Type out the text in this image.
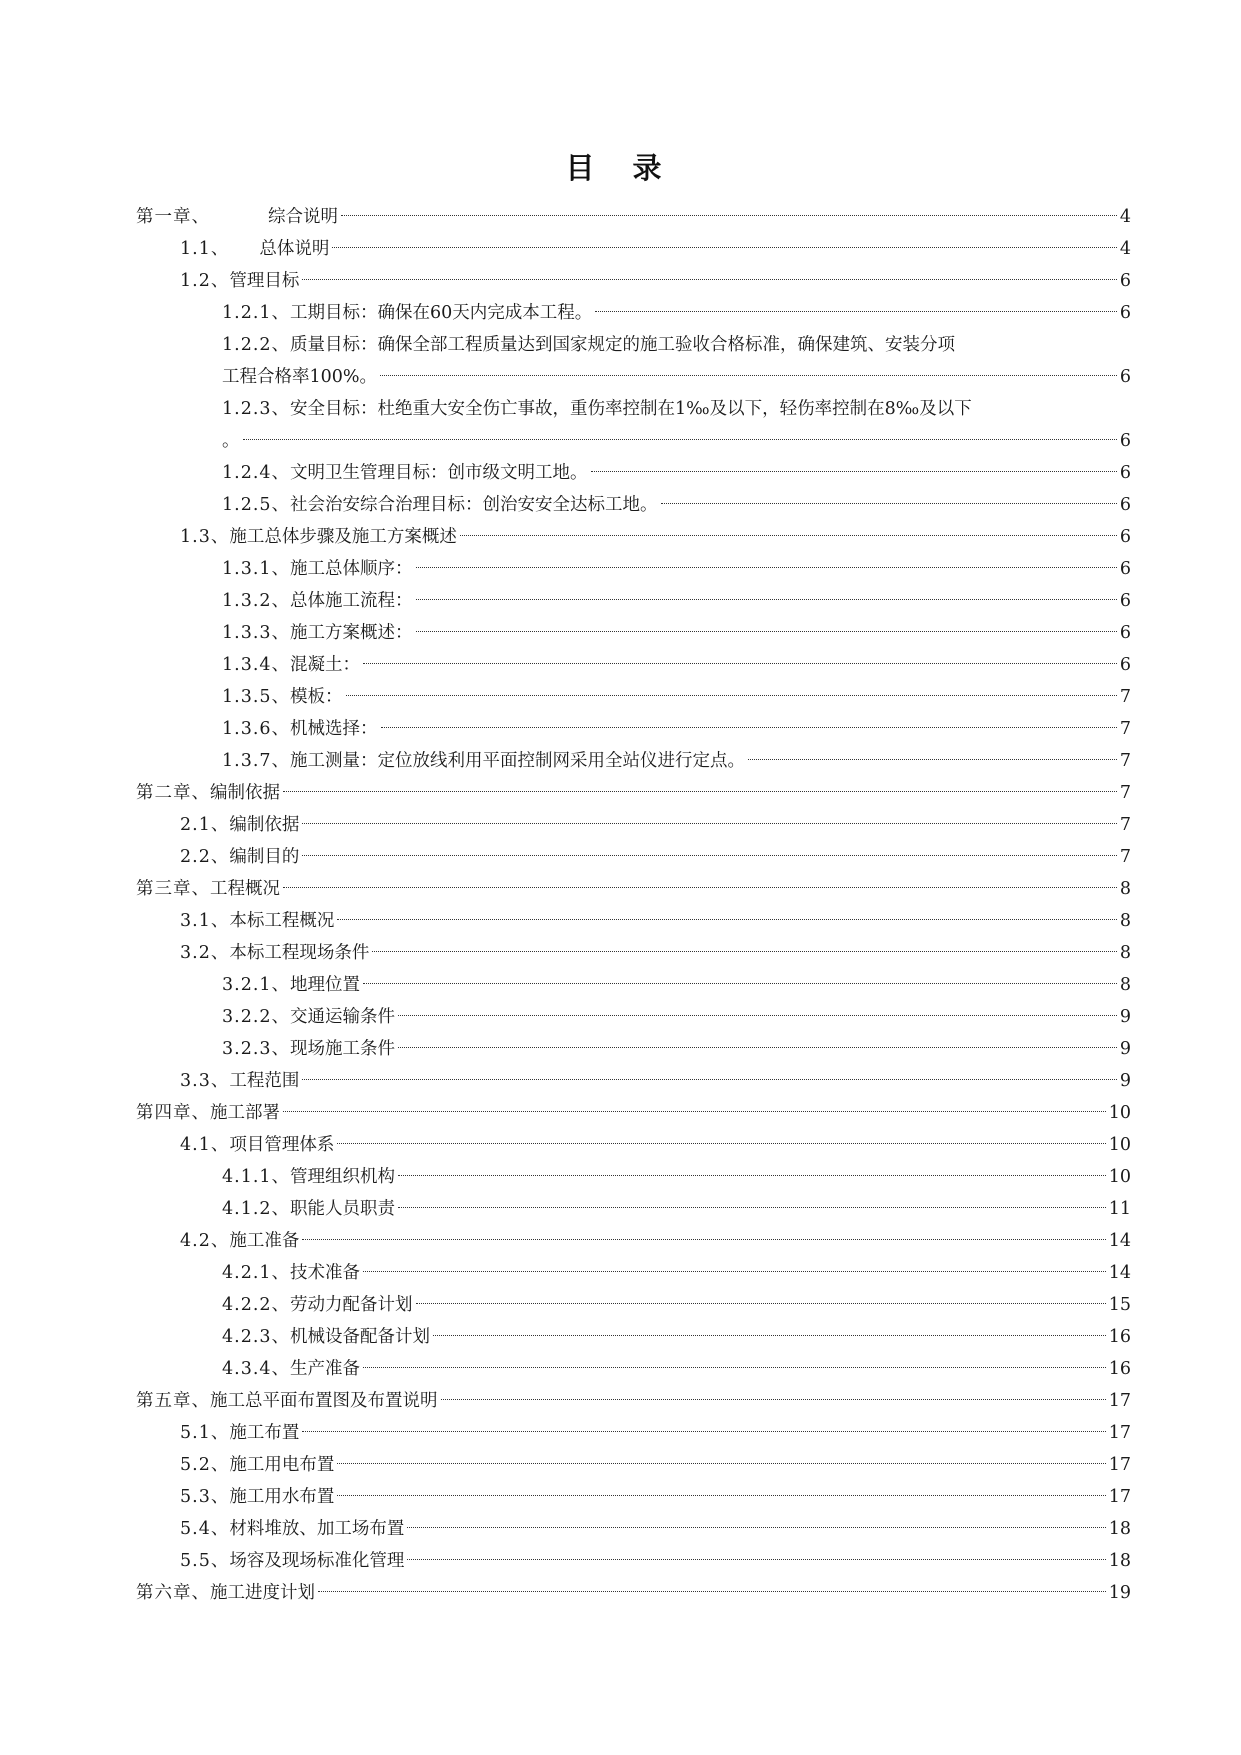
目 录
第一章、	综合说明	4
1.1、 总体说明	4
1.2、 管理目标	6
1.2.1、 工期目标：确保在60天内完成本工程。	6
1.2.2、质量目标：确保全部工程质量达到国家规定的施工验收合格标准，确保建筑、安装分项
工程合格率100%。	6
1.2.3、安全目标：杜绝重大安全伤亡事故，重伤率控制在1‰及以下，轻伤率控制在8‰及以下
。	6
1.2.4、 文明卫生管理目标：创市级文明工地。	6
1.2.5、 社会治安综合治理目标：创治安安全达标工地。	6
1.3、 施工总体步骤及施工方案概述	6
1.3.1、 施工总体顺序：	6
1.3.2、 总体施工流程：	6
1.3.3、 施工方案概述：	6
1.3.4、 混凝土：	6
1.3.5、 模板：	7
1.3.6、 机械选择：	7
1.3.7、 施工测量：定位放线利用平面控制网采用全站仪进行定点。	7
第二章、 编制依据	7
2.1、 编制依据	7
2.2、 编制目的	7
第三章、 工程概况	8
3.1、 本标工程概况	8
3.2、 本标工程现场条件	8
3.2.1、 地理位置	8
3.2.2、 交通运输条件	9
3.2.3、 现场施工条件	9
3.3、 工程范围	9
第四章、 施工部署	10
4.1、 项目管理体系	10
4.1.1、 管理组织机构	10
4.1.2、 职能人员职责	11
4.2、 施工准备	14
4.2.1、 技术准备	14
4.2.2、 劳动力配备计划	15
4.2.3、 机械设备配备计划	16
4.3.4、 生产准备	16
第五章、 施工总平面布置图及布置说明	17
5.1、 施工布置	17
5.2、 施工用电布置	17
5.3、 施工用水布置	17
5.4、 材料堆放、加工场布置	18
5.5、 场容及现场标准化管理	18
第六章、 施工进度计划	19
